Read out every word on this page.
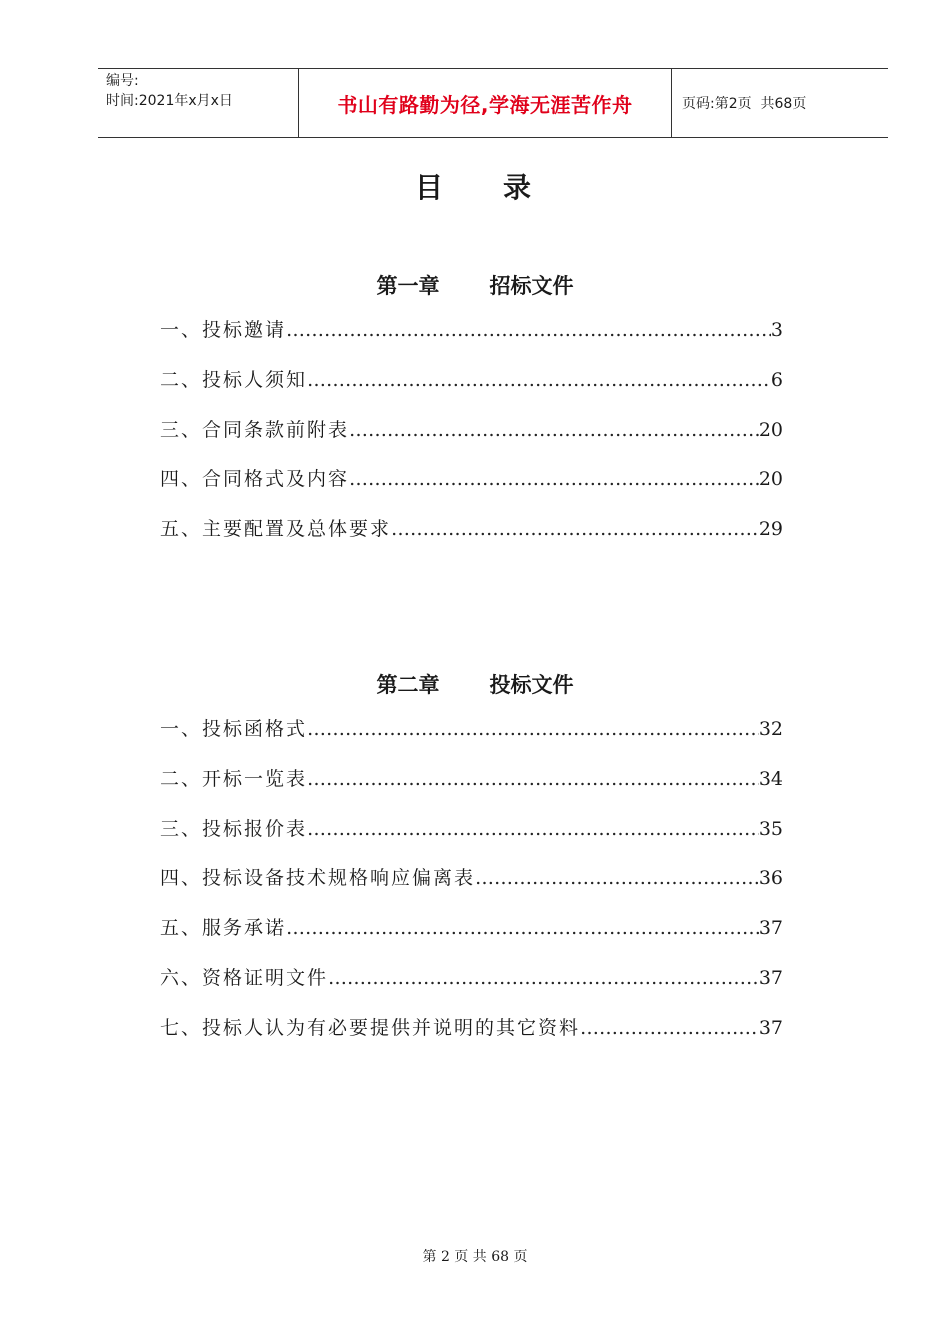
编号:
时间:2021年x月x日	书山有路勤为径,学海无涯苦作舟	页码:第2页  共68页
目 录
第一章 招标文件
一、投标邀请 …………………………………………………………………………………………………………………………	3
二、投标人须知 …………………………………………………………………………………………………………………………	6
三、合同条款前附表 …………………………………………………………………………………………………………………………	20
四、合同格式及内容 …………………………………………………………………………………………………………………………	20
五、主要配置及总体要求 …………………………………………………………………………………………………………………………	29
第二章 投标文件
一、投标函格式 …………………………………………………………………………………………………………………………	32
二、开标一览表 …………………………………………………………………………………………………………………………	34
三、投标报价表 …………………………………………………………………………………………………………………………	35
四、投标设备技术规格响应偏离表 …………………………………………………………………………………………………………………………	36
五、服务承诺 …………………………………………………………………………………………………………………………	37
六、资格证明文件 …………………………………………………………………………………………………………………………	37
七、投标人认为有必要提供并说明的其它资料 …………………………………………………………………………………………………………………………	37
第 2 页 共 68 页
